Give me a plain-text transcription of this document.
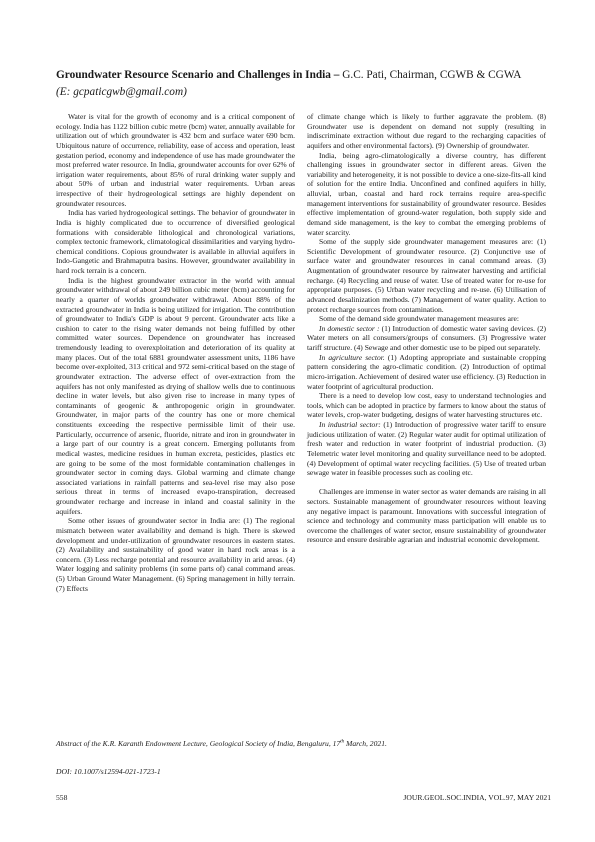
Groundwater Resource Scenario and Challenges in India – G.C. Pati, Chairman, CGWB & CGWA
(E: gcpaticgwb@gmail.com)

Water is vital for the growth of economy and is a critical component of ecology. India has 1122 billion cubic metre (bcm) water, annually available for utilization out of which groundwater is 432 bcm and surface water 690 bcm. Ubiquitous nature of occurrence, reliability, ease of access and operation, least gestation period, economy and independence of use has made groundwater the most preferred water resource. In India, groundwater accounts for over 62% of irrigation water requirements, about 85% of rural drinking water supply and about 50% of urban and industrial water requirements. Urban areas irrespective of their hydrogeological settings are highly dependent on groundwater resources.

India has varied hydrogeological settings. The behavior of groundwater in India is highly complicated due to occurrence of diversified geological formations with considerable lithological and chronological variations, complex tectonic framework, climatological dissimilarities and varying hydro-chemical conditions. Copious groundwater is available in alluvial aquifers in Indo-Gangetic and Brahmaputra basins. However, groundwater availability in hard rock terrain is a concern.

India is the highest groundwater extractor in the world with annual groundwater withdrawal of about 249 billion cubic meter (bcm) accounting for nearly a quarter of worlds groundwater withdrawal. About 88% of the extracted groundwater in India is being utilized for irrigation. The contribution of groundwater to India's GDP is about 9 percent. Groundwater acts like a cushion to cater to the rising water demands not being fulfilled by other committed water sources. Dependence on groundwater has increased tremendously leading to overexploitation and deterioration of its quality at many places. Out of the total 6881 groundwater assessment units, 1186 have become over-exploited, 313 critical and 972 semi-critical based on the stage of groundwater extraction. The adverse effect of over-extraction from the aquifers has not only manifested as drying of shallow wells due to continuous decline in water levels, but also given rise to increase in many types of contaminants of geogenic & anthropogenic origin in groundwater. Groundwater, in major parts of the country has one or more chemical constituents exceeding the respective permissible limit of their use. Particularly, occurrence of arsenic, fluoride, nitrate and iron in groundwater in a large part of our country is a great concern. Emerging pollutants from medical wastes, medicine residues in human excreta, pesticides, plastics etc are going to be some of the most formidable contamination challenges in groundwater sector in coming days. Global warming and climate change associated variations in rainfall patterns and sea-level rise may also pose serious threat in terms of increased evapo-transpiration, decreased groundwater recharge and increase in inland and coastal salinity in the aquifers.

Some other issues of groundwater sector in India are: (1) The regional mismatch between water availability and demand is high. There is skewed development and under-utilization of groundwater resources in eastern states. (2) Availability and sustainability of good water in hard rock areas is a concern. (3) Less recharge potential and resource availability in arid areas. (4) Water logging and salinity problems (in some parts of) canal command areas. (5) Urban Ground Water Management. (6) Spring management in hilly terrain. (7) Effects

of climate change which is likely to further aggravate the problem. (8) Groundwater use is dependent on demand not supply (resulting in indiscriminate extraction without due regard to the recharging capacities of aquifers and other environmental factors). (9) Ownership of groundwater.

India, being agro-climatologically a diverse country, has different challenging issues in groundwater sector in different areas. Given the variability and heterogeneity, it is not possible to device a one-size-fits-all kind of solution for the entire India. Unconfined and confined aquifers in hilly, alluvial, urban, coastal and hard rock terrains require area-specific management interventions for sustainability of groundwater resource. Besides effective implementation of ground-water regulation, both supply side and demand side management, is the key to combat the emerging problems of water scarcity.

Some of the supply side groundwater management measures are: (1) Scientific Development of groundwater resource. (2) Conjunctive use of surface water and groundwater resources in canal command areas. (3) Augmentation of groundwater resource by rainwater harvesting and artificial recharge. (4) Recycling and reuse of water. Use of treated water for re-use for appropriate purposes. (5) Urban water recycling and re-use. (6) Utilisation of advanced desalinization methods. (7) Management of water quality. Action to protect recharge sources from contamination.

Some of the demand side groundwater management measures are:

In domestic sector : (1) Introduction of domestic water saving devices. (2) Water meters on all consumers/groups of consumers. (3) Progressive water tariff structure. (4) Sewage and other domestic use to be piped out separately.

In agriculture sector. (1) Adopting appropriate and sustainable cropping pattern considering the agro-climatic condition. (2) Introduction of optimal micro-irrigation. Achievement of desired water use efficiency. (3) Reduction in water footprint of agricultural production.

There is a need to develop low cost, easy to understand technologies and tools, which can be adopted in practice by farmers to know about the status of water levels, crop-water budgeting, designs of water harvesting structures etc.

In industrial sector: (1) Introduction of progressive water tariff to ensure judicious utilization of water. (2) Regular water audit for optimal utilization of fresh water and reduction in water footprint of industrial production. (3) Telemetric water level monitoring and quality surveillance need to be adopted. (4) Development of optimal water recycling facilities. (5) Use of treated urban sewage water in feasible processes such as cooling etc.

Challenges are immense in water sector as water demands are raising in all sectors. Sustainable management of groundwater resources without leaving any negative impact is paramount. Innovations with successful integration of science and technology and community mass participation will enable us to overcome the challenges of water sector, ensure sustainability of groundwater resource and ensure desirable agrarian and industrial economic development.

Abstract of the K.R. Karanth Endowment Lecture, Geological Society of India, Bengaluru, 17th March, 2021.
DOI: 10.1007/s12594-021-1723-1
558	JOUR.GEOL.SOC.INDIA, VOL.97, MAY 2021
